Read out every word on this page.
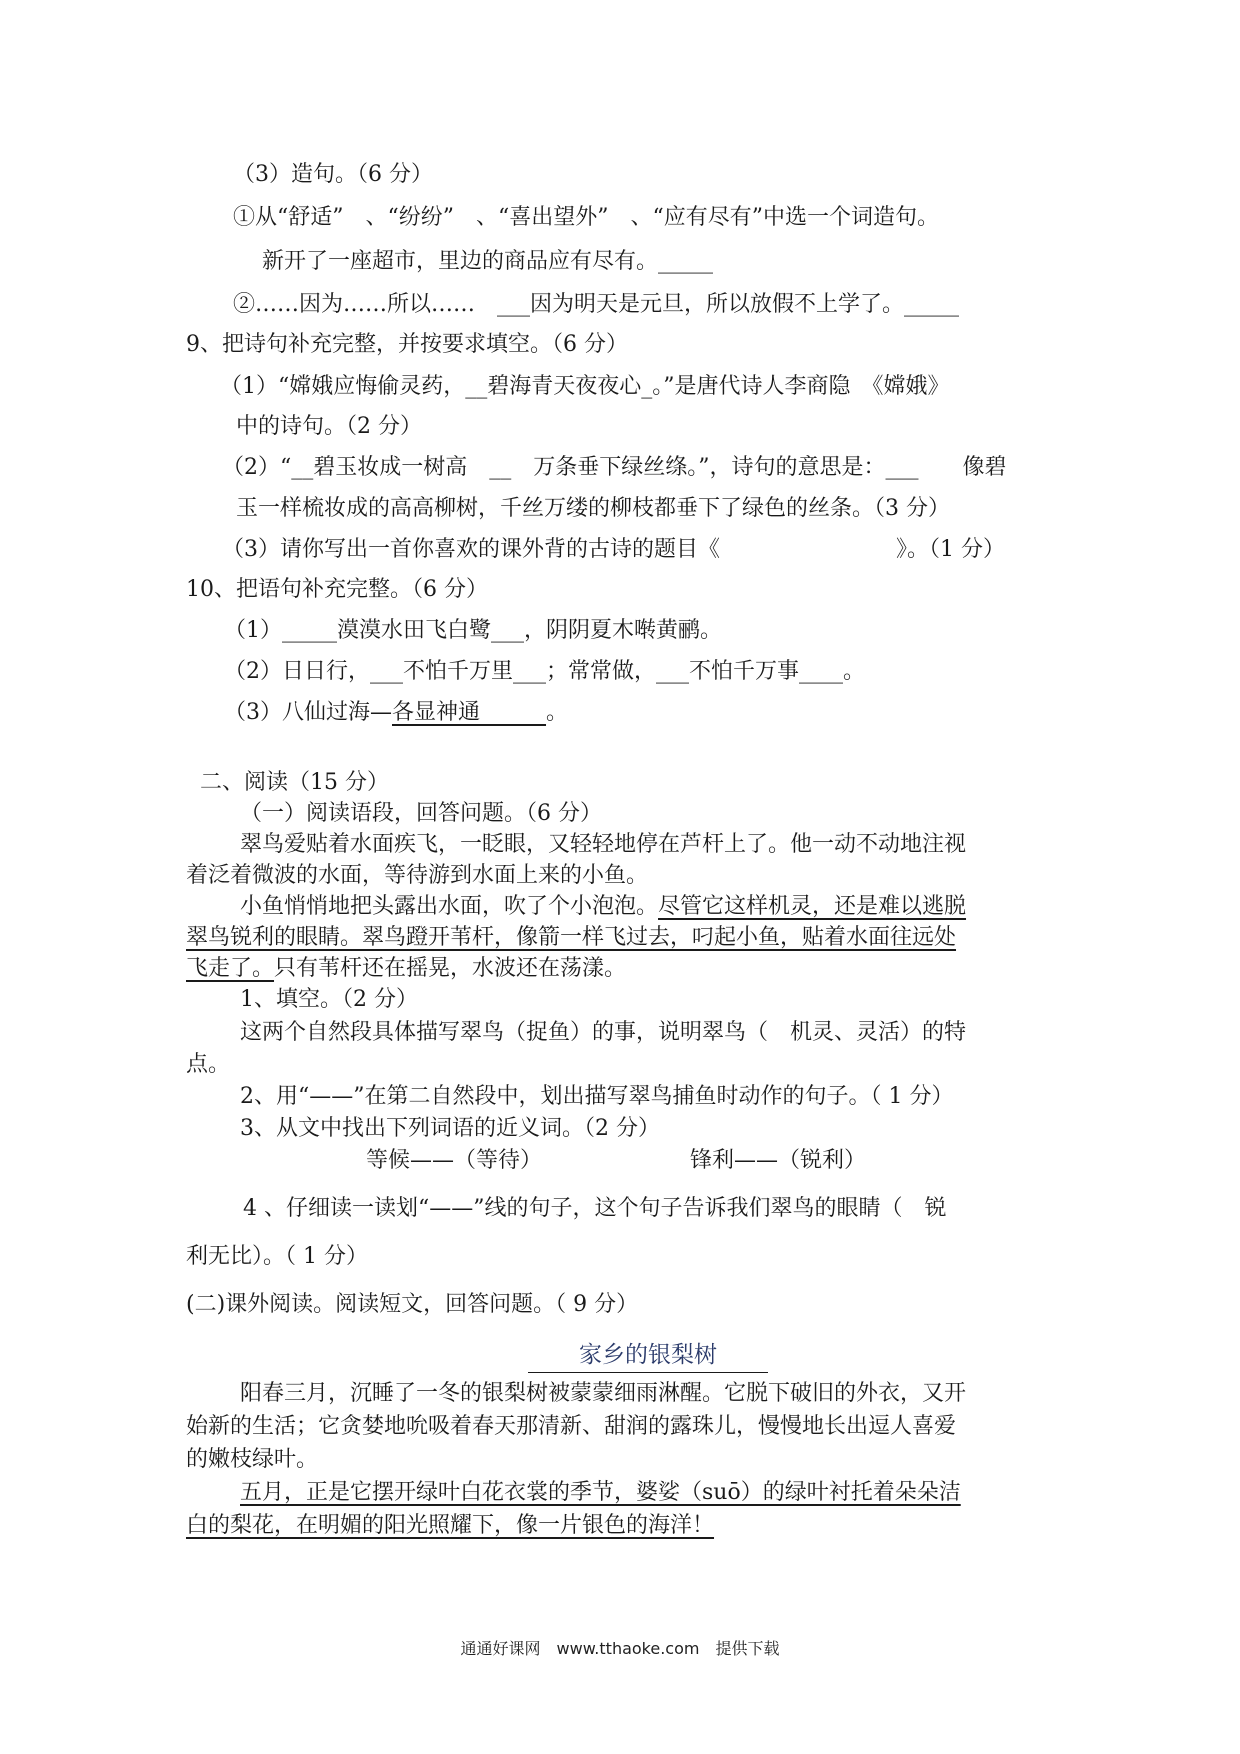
（3）造句。（6 分）
①从“舒适”　、“纷纷”　、“喜出望外”　、“应有尽有”中选一个词造句。
新开了一座超市，里边的商品应有尽有。_____
②……因为……所以……　___因为明天是元旦，所以放假不上学了。_____
9、把诗句补充完整，并按要求填空。（6 分）
（1）“嫦娥应悔偷灵药，__碧海青天夜夜心_。”是唐代诗人李商隐　《嫦娥》
中的诗句。（2 分）
（2）“__碧玉妆成一树高　__　万条垂下绿丝绦。”，诗句的意思是：___　　像碧
玉一样梳妆成的高高柳树，千丝万缕的柳枝都垂下了绿色的丝条。（3 分）
（3）请你写出一首你喜欢的课外背的古诗的题目《　　　　　　　　》。（1 分）
10、把语句补充完整。（6 分）
（1）_____漠漠水田飞白鹭___，阴阴夏木啭黄鹂。
（2）日日行，___不怕千万里___；常常做，___不怕千万事____。
（3）八仙过海—各显神通　　　。
二、阅读（15 分）
（一）阅读语段，回答问题。（6 分）
翠鸟爱贴着水面疾飞，一眨眼，又轻轻地停在芦杆上了。他一动不动地注视
着泛着微波的水面，等待游到水面上来的小鱼。
小鱼悄悄地把头露出水面，吹了个小泡泡。尽管它这样机灵，还是难以逃脱
翠鸟锐利的眼睛。翠鸟蹬开苇杆，像箭一样飞过去，叼起小鱼，贴着水面往远处
飞走了。只有苇杆还在摇晃，水波还在荡漾。
1、填空。（2 分）
这两个自然段具体描写翠鸟（捉鱼）的事，说明翠鸟（　机灵、灵活）的特
点。
2、用“——”在第二自然段中，划出描写翠鸟捕鱼时动作的句子。（ 1 分）
3、从文中找出下列词语的近义词。（2 分）
等候——（等待）	锋利——（锐利）
4 、仔细读一读划“——”线的句子，这个句子告诉我们翠鸟的眼睛（　锐
利无比）。（ 1 分）
(二)课外阅读。阅读短文，回答问题。（ 9 分）
家乡的银梨树
阳春三月，沉睡了一冬的银梨树被蒙蒙细雨淋醒。它脱下破旧的外衣，又开
始新的生活；它贪婪地吮吸着春天那清新、甜润的露珠儿，慢慢地长出逗人喜爱
的嫩枝绿叶。
五月，正是它摆开绿叶白花衣裳的季节，婆娑（suō）的绿叶衬托着朵朵洁
白的梨花，在明媚的阳光照耀下，像一片银色的海洋！
通通好课网　www.tthaoke.com　提供下载
